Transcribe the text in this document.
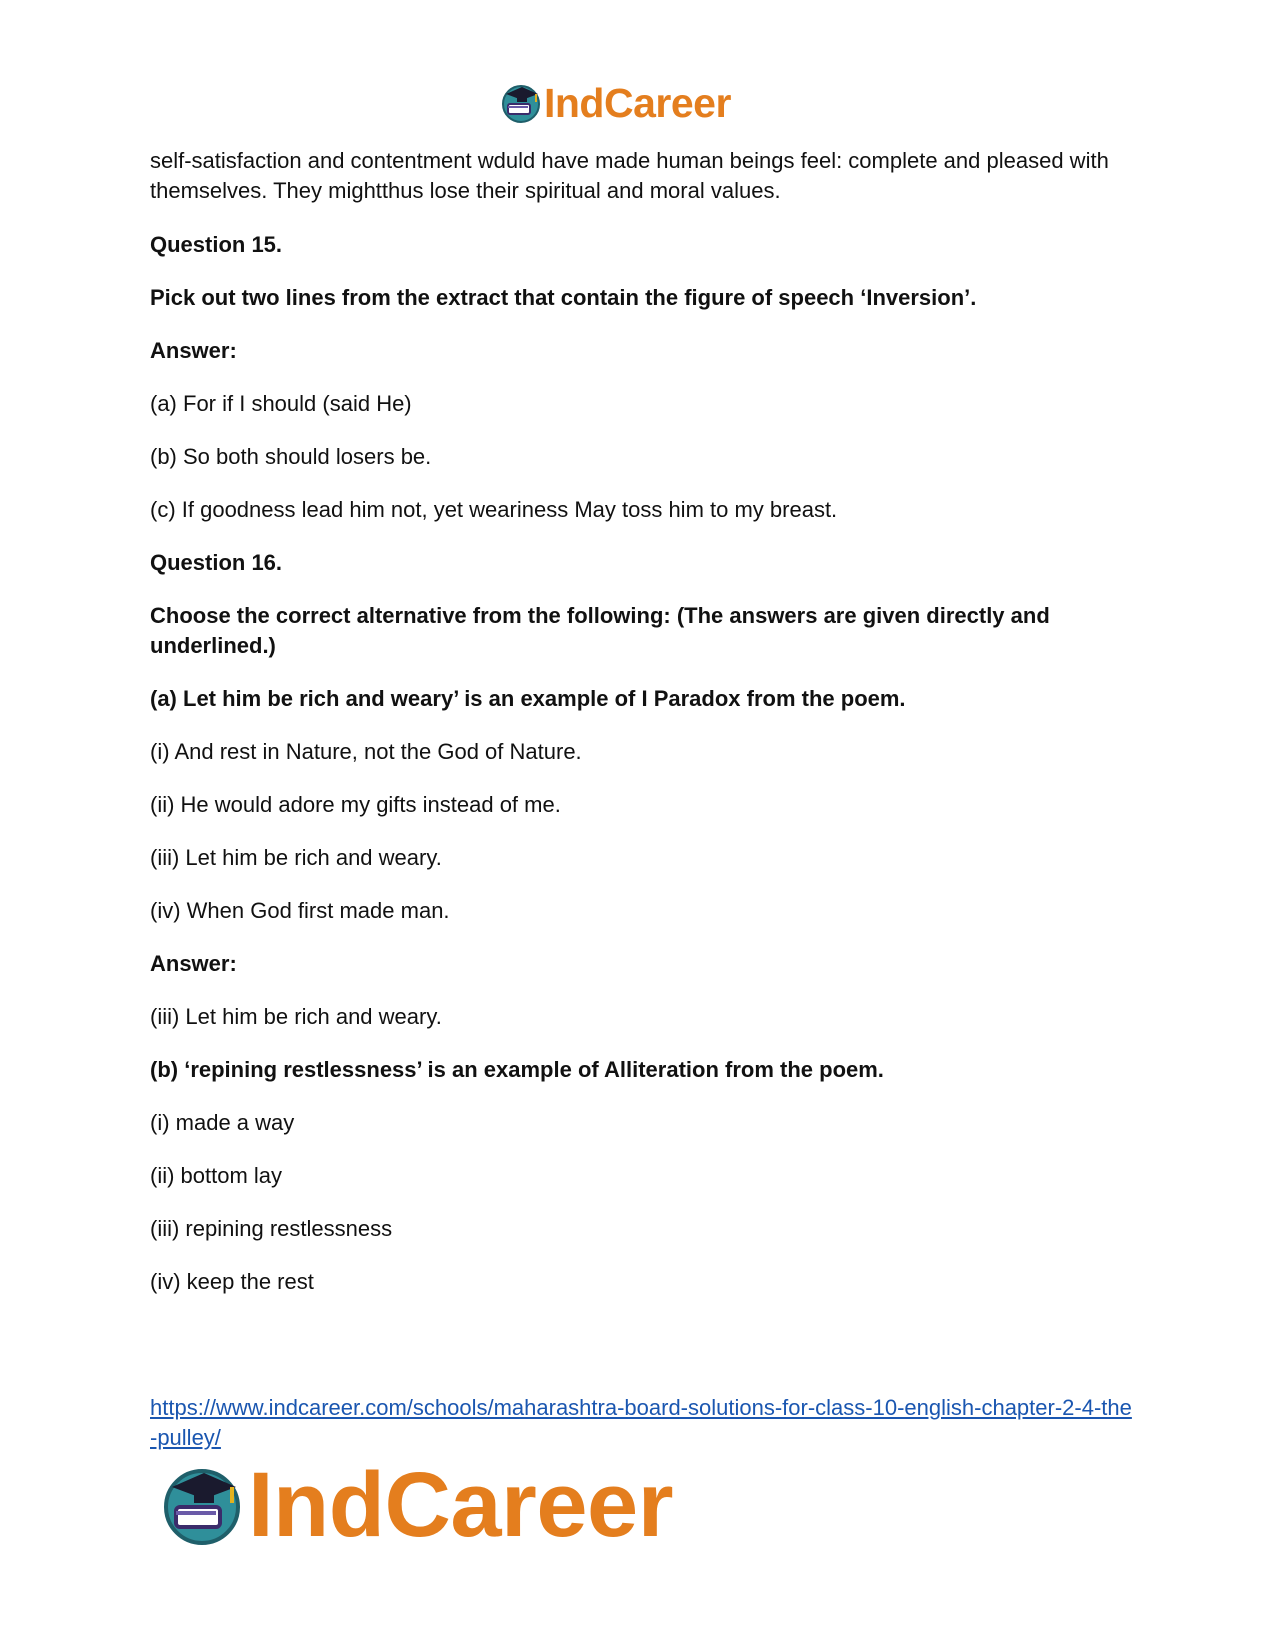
IndCareer

self-satisfaction and contentment wduld have made human beings feel: complete and pleased with themselves. They mightthus lose their spiritual and moral values.

Question 15.

Pick out two lines from the extract that contain the figure of speech ‘Inversion’.

Answer:

(a) For if I should (said He)

(b) So both should losers be.

(c) If goodness lead him not, yet weariness May toss him to my breast.

Question 16.

Choose the correct alternative from the following: (The answers are given directly and underlined.)

(a) Let him be rich and weary’ is an example of I Paradox from the poem.

(i) And rest in Nature, not the God of Nature.

(ii) He would adore my gifts instead of me.

(iii) Let him be rich and weary.

(iv) When God first made man.

Answer:

(iii) Let him be rich and weary.

(b) ‘repining restlessness’ is an example of Alliteration from the poem.

(i) made a way

(ii) bottom lay

(iii) repining restlessness

(iv) keep the rest

https://www.indcareer.com/schools/maharashtra-board-solutions-for-class-10-english-chapter-2-4-the-pulley/
IndCareer
